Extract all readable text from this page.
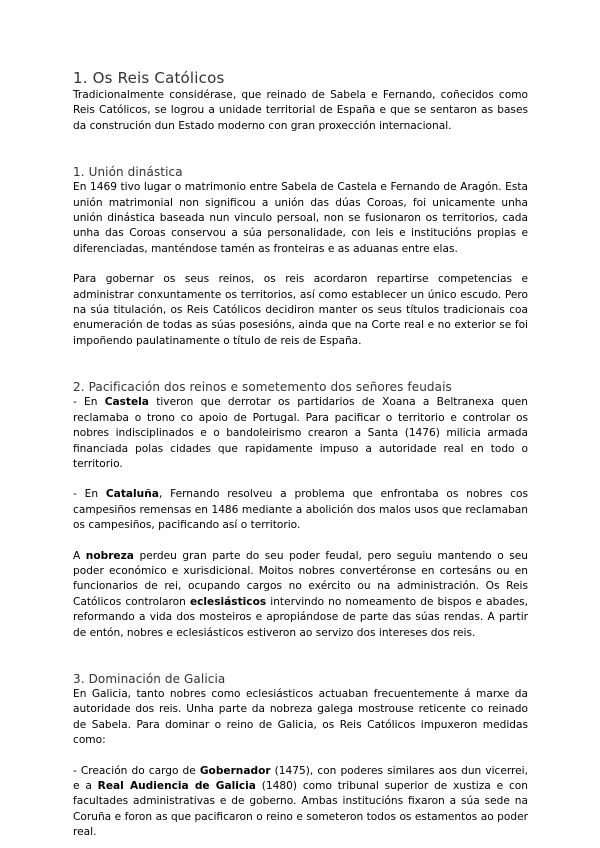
1. Os Reis Católicos

Tradicionalmente considérase, que reinado de Sabela e Fernando, coñecidos como Reis Católicos, se logrou a unidade territorial de España e que se sentaron as bases da construción dun Estado moderno con gran proxección internacional.

1. Unión dinástica

En 1469 tivo lugar o matrimonio entre Sabela de Castela e Fernando de Aragón. Esta unión matrimonial non significou a unión das dúas Coroas, foi unicamente unha unión dinástica baseada nun vinculo persoal, non se fusionaron os territorios, cada unha das Coroas conservou a súa personalidade, con leis e institucións propias e diferenciadas, manténdose tamén as fronteiras e as aduanas entre elas.

Para gobernar os seus reinos, os reis acordaron repartirse competencias e administrar conxuntamente os territorios, así como establecer un único escudo. Pero na súa titulación, os Reis Católicos decidiron manter os seus títulos tradicionais coa enumeración de todas as súas posesións, ainda que na Corte real e no exterior se foi impoñendo paulatinamente o título de reis de España.

2. Pacificación dos reinos e sometemento dos señores feudais

- En Castela tiveron que derrotar os partidarios de Xoana a Beltranexa quen reclamaba o trono co apoio de Portugal. Para pacificar o territorio e controlar os nobres indisciplinados e o bandoleirismo crearon a Santa (1476) milicia armada financiada polas cidades que rapidamente impuso a autoridade real en todo o territorio.

- En Cataluña, Fernando resolveu a problema que enfrontaba os nobres cos campesiños remensas en 1486 mediante a abolición dos malos usos que reclamaban os campesiños, pacificando así o territorio.

A nobreza perdeu gran parte do seu poder feudal, pero seguiu mantendo o seu poder económico e xurisdicional. Moitos nobres convertéronse en cortesáns ou en funcionarios de rei, ocupando cargos no exército ou na administración. Os Reis Católicos controlaron eclesiásticos intervindo no nomeamento de bispos e abades, reformando a vida dos mosteiros e apropiándose de parte das súas rendas. A partir de entón, nobres e eclesiásticos estiveron ao servizo dos intereses dos reis.

3. Dominación de Galicia

En Galicia, tanto nobres como eclesiásticos actuaban frecuentemente á marxe da autoridade dos reis. Unha parte da nobreza galega mostrouse reticente co reinado de Sabela. Para dominar o reino de Galicia, os Reis Católicos impuxeron medidas como:

- Creación do cargo de Gobernador (1475), con poderes similares aos dun vicerrei, e a Real Audiencia de Galicia (1480) como tribunal superior de xustiza e con facultades administrativas e de goberno. Ambas institucións fixaron a súa sede na Coruña e foron as que pacificaron o reino e someteron todos os estamentos ao poder real.
